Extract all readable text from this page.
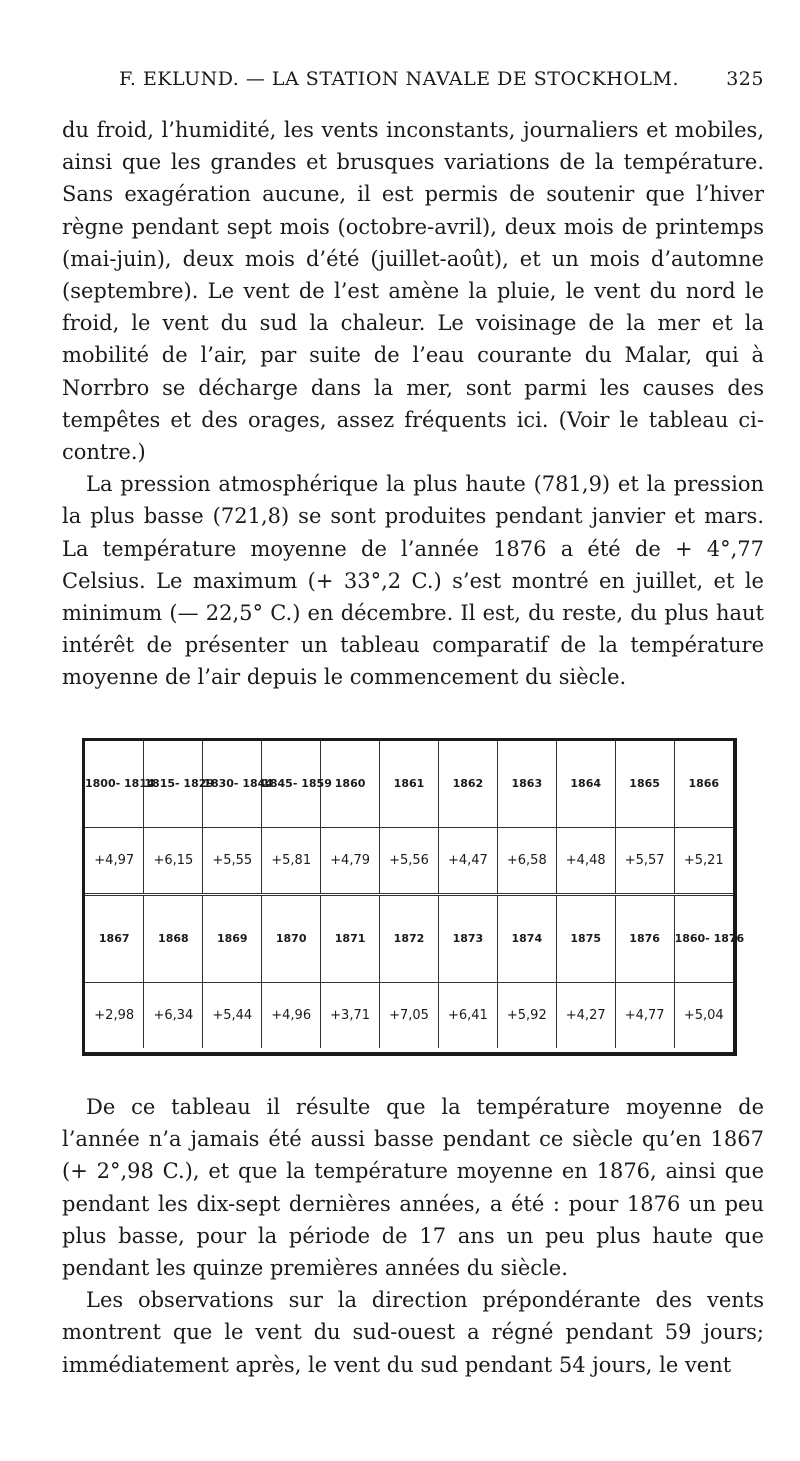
F. EKLUND. — LA STATION NAVALE DE STOCKHOLM. 325

du froid, l’humidité, les vents inconstants, journaliers et mobiles, ainsi que les grandes et brusques variations de la température. Sans exagération aucune, il est permis de soutenir que l’hiver règne pendant sept mois (octobre-avril), deux mois de printemps (mai-juin), deux mois d’été (juillet-août), et un mois d’automne (septembre). Le vent de l’est amène la pluie, le vent du nord le froid, le vent du sud la chaleur. Le voisinage de la mer et la mobilité de l’air, par suite de l’eau courante du Malar, qui à Norrbro se décharge dans la mer, sont parmi les causes des tempêtes et des orages, assez fréquents ici. (Voir le tableau ci-contre.)

La pression atmosphérique la plus haute (781,9) et la pression la plus basse (721,8) se sont produites pendant janvier et mars. La température moyenne de l’année 1876 a été de + 4°,77 Celsius. Le maximum (+ 33°,2 C.) s’est montré en juillet, et le minimum (— 22,5° C.) en décembre. Il est, du reste, du plus haut intérêt de présenter un tableau comparatif de la température moyenne de l’air depuis le commencement du siècle.

1800- 1814	1815- 1829	1830- 1844	1845- 1859	1860	1861	1862	1863	1864	1865	1866
+4,97	+6,15	+5,55	+5,81	+4,79	+5,56	+4,47	+6,58	+4,48	+5,57	+5,21
1867	1868	1869	1870	1871	1872	1873	1874	1875	1876	1860- 1876
+2,98	+6,34	+5,44	+4,96	+3,71	+7,05	+6,41	+5,92	+4,27	+4,77	+5,04

De ce tableau il résulte que la température moyenne de l’année n’a jamais été aussi basse pendant ce siècle qu’en 1867 (+ 2°,98 C.), et que la température moyenne en 1876, ainsi que pendant les dix-sept dernières années, a été : pour 1876 un peu plus basse, pour la période de 17 ans un peu plus haute que pendant les quinze premières années du siècle.

Les observations sur la direction prépondérante des vents montrent que le vent du sud-ouest a régné pendant 59 jours; immédiatement après, le vent du sud pendant 54 jours, le vent
